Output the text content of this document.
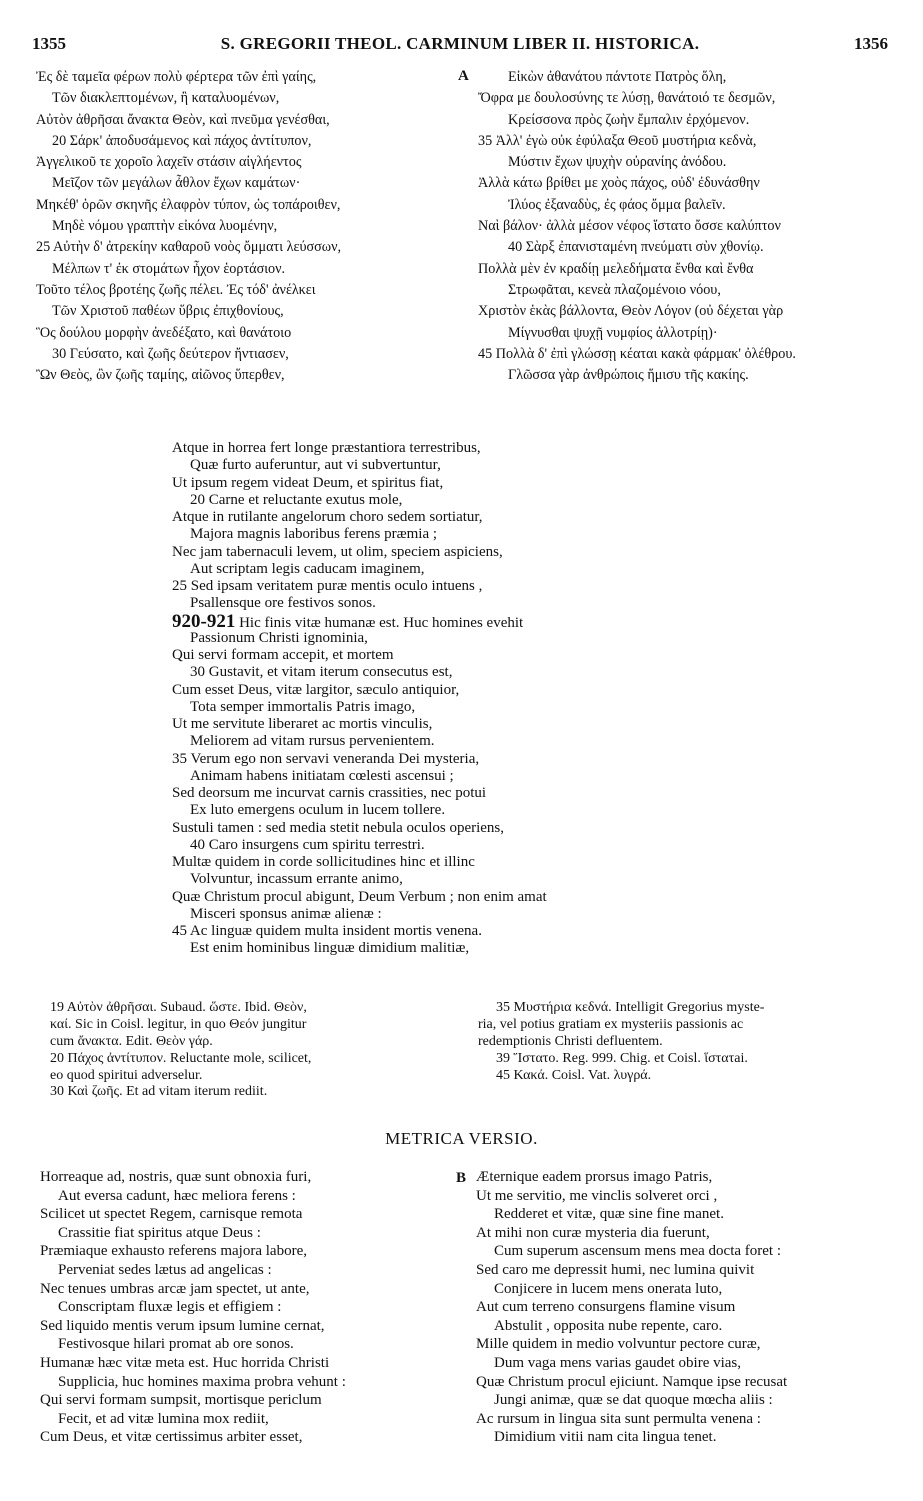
1355	S. GREGORII THEOL. CARMINUM LIBER II. HISTORICA.	1356
Ἐς δὲ ταμεῖα φέρων πολὺ φέρτερα τῶν ἐπὶ γαίης,
Τῶν διακλεπτομένων, ἢ καταλυομένων,
Αὐτὸν ἀθρῆσαι ἄνακτα Θεὸν, καὶ πνεῦμα γενέσθαι,
20 Σάρκ' ἀποδυσάμενος καὶ πάχος ἀντίτυπον,
Ἀγγελικοῦ τε χοροῖο λαχεῖν στάσιν αἰγλήεντος
Μεῖζον τῶν μεγάλων ἆθλον ἔχων καμάτων·
Μηκέθ' ὁρῶν σκηνῆς ἐλαφρὸν τύπον, ὡς τοπάροιθεν,
Μηδὲ νόμου γραπτὴν εἰκόνα λυομένην,
25 Αὐτὴν δ' ἀτρεκίην καθαροῦ νοὸς ὄμματι λεύσσων,
Μέλπων τ' ἐκ στομάτων ἦχον ἑορτάσιον.
Τοῦτο τέλος βροτέης ζωῆς πέλει. Ἐς τόδ' ἀνέλκει
Τῶν Χριστοῦ παθέων ὕβρις ἐπιχθονίους,
Ὃς δούλου μορφὴν ἀνεδέξατο, καὶ θανάτοιο
30 Γεύσατο, καὶ ζωῆς δεύτερον ἤντιασεν,
Ὢν Θεὸς, ὢν ζωῆς ταμίης, αἰῶνος ὕπερθεν,
A	Εἰκὼν ἀθανάτου πάντοτε Πατρὸς ὅλη,
Ὄφρα με δουλοσύνης τε λύσῃ, θανάτοιό τε δεσμῶν,
Κρείσσονα πρὸς ζωὴν ἔμπαλιν ἐρχόμενον.
35 Ἀλλ' ἐγὼ οὐκ ἐφύλαξα Θεοῦ μυστήρια κεδνὰ,
Μύστιν ἔχων ψυχὴν οὐρανίης ἀνόδου.
Ἀλλὰ κάτω βρίθει με χοὸς πάχος, οὐδ' ἐδυνάσθην
Ἰλύος ἐξαναδὺς, ἐς φάος ὄμμα βαλεῖν.
Ναὶ βάλον· ἀλλὰ μέσον νέφος ἵστατο ὄσσε καλύπτον
40 Σὰρξ ἐπανισταμένη πνεύματι σὺν χθονίῳ.
Πολλὰ μὲν ἐν κραδίῃ μελεδήματα ἔνθα καὶ ἔνθα
Στρωφᾶται, κενεὰ πλαζομένοιο νόου,
Χριστὸν ἑκὰς βάλλοντα, Θεὸν Λόγον (οὐ δέχεται γὰρ
Μίγνυσθαι ψυχῇ νυμφίος ἀλλοτρίῃ)·
45 Πολλὰ δ' ἐπὶ γλώσσῃ κέαται κακὰ φάρμακ' ὀλέθρου.
Γλῶσσα γὰρ ἀνθρώποις ἥμισυ τῆς κακίης.
Atque in horrea fert longe præstantiora terrestribus,
Quæ furto auferuntur, aut vi subvertuntur,
Ut ipsum regem videat Deum, et spiritus fiat,
20 Carne et reluctante exutus mole,
Atque in rutilante angelorum choro sedem sortiatur,
Majora magnis laboribus ferens præmia ;
Nec jam tabernaculi levem, ut olim, speciem aspiciens,
Aut scriptam legis caducam imaginem,
25 Sed ipsam veritatem puræ mentis oculo intuens ,
Psallensque ore festivos sonos.
920-921 Hic finis vitæ humanæ est. Huc homines evehit
Passionum Christi ignominia,
Qui servi formam accepit, et mortem
30 Gustavit, et vitam iterum consecutus est,
Cum esset Deus, vitæ largitor, sæculo antiquior,
Tota semper immortalis Patris imago,
Ut me servitute liberaret ac mortis vinculis,
Meliorem ad vitam rursus pervenientem.
35 Verum ego non servavi veneranda Dei mysteria,
Animam habens initiatam cœlesti ascensui ;
Sed deorsum me incurvat carnis crassities, nec potui
Ex luto emergens oculum in lucem tollere.
Sustuli tamen : sed media stetit nebula oculos operiens,
40 Caro insurgens cum spiritu terrestri.
Multæ quidem in corde sollicitudines hinc et illinc
Volvuntur, incassum errante animo,
Quæ Christum procul abigunt, Deum Verbum ; non enim amat
Misceri sponsus animæ alienæ :
45 Ac linguæ quidem multa insident mortis venena.
Est enim hominibus linguæ dimidium malitiæ,
19 Αὐτὸν ἀθρῆσαι. Subaud. ὥστε. Ibid. Θεὸν,
καί. Sic in Coisl. legitur, in quo Θεόν jungitur
cum ἄνακτα. Edit. Θεὸν γάρ.
20 Πάχος ἀντίτυπον. Reluctante mole, scilicet,
eo quod spiritui adverselur.
30 Καὶ ζωῆς. Et ad vitam iterum rediit.
35 Μυστήρια κεδνά. Intelligit Gregorius myste-
ria, vel potius gratiam ex mysteriis passionis ac
redemptionis Christi defluentem.
39 Ἵστατο. Reg. 999. Chig. et Coisl. ἵστατai.
45 Κακά. Coisl. Vat. λυγρά.
METRICA VERSIO.
Horreaque ad, nostris, quæ sunt obnoxia furi,
Aut eversa cadunt, hæc meliora ferens :
Scilicet ut spectet Regem, carnisque remota
Crassitie fiat spiritus atque Deus :
Præmiaque exhausto referens majora labore,
Perveniat sedes lætus ad angelicas :
Nec tenues umbras arcæ jam spectet, ut ante,
Conscriptam fluxæ legis et effigiem :
Sed liquido mentis verum ipsum lumine cernat,
Festivosque hilari promat ab ore sonos.
Humanæ hæc vitæ meta est. Huc horrida Christi
Supplicia, huc homines maxima probra vehunt :
Qui servi formam sumpsit, mortisque periclum
Fecit, et ad vitæ lumina mox rediit,
Cum Deus, et vitæ certissimus arbiter esset,
B Æternique eadem prorsus imago Patris,
Ut me servitio, me vinclis solveret orci ,
Redderet et vitæ, quæ sine fine manet.
At mihi non curæ mysteria dia fuerunt,
Cum superum ascensum mens mea docta foret :
Sed caro me depressit humi, nec lumina quivit
Conjicere in lucem mens onerata luto,
Aut cum terreno consurgens flamine visum
Abstulit , opposita nube repente, caro.
Mille quidem in medio volvuntur pectore curæ,
Dum vaga mens varias gaudet obire vias,
Quæ Christum procul ejiciunt. Namque ipse recusat
Jungi animæ, quæ se dat quoque mœcha aliis :
Ac rursum in lingua sita sunt permulta venena :
Dimidium vitii nam cita lingua tenet.
